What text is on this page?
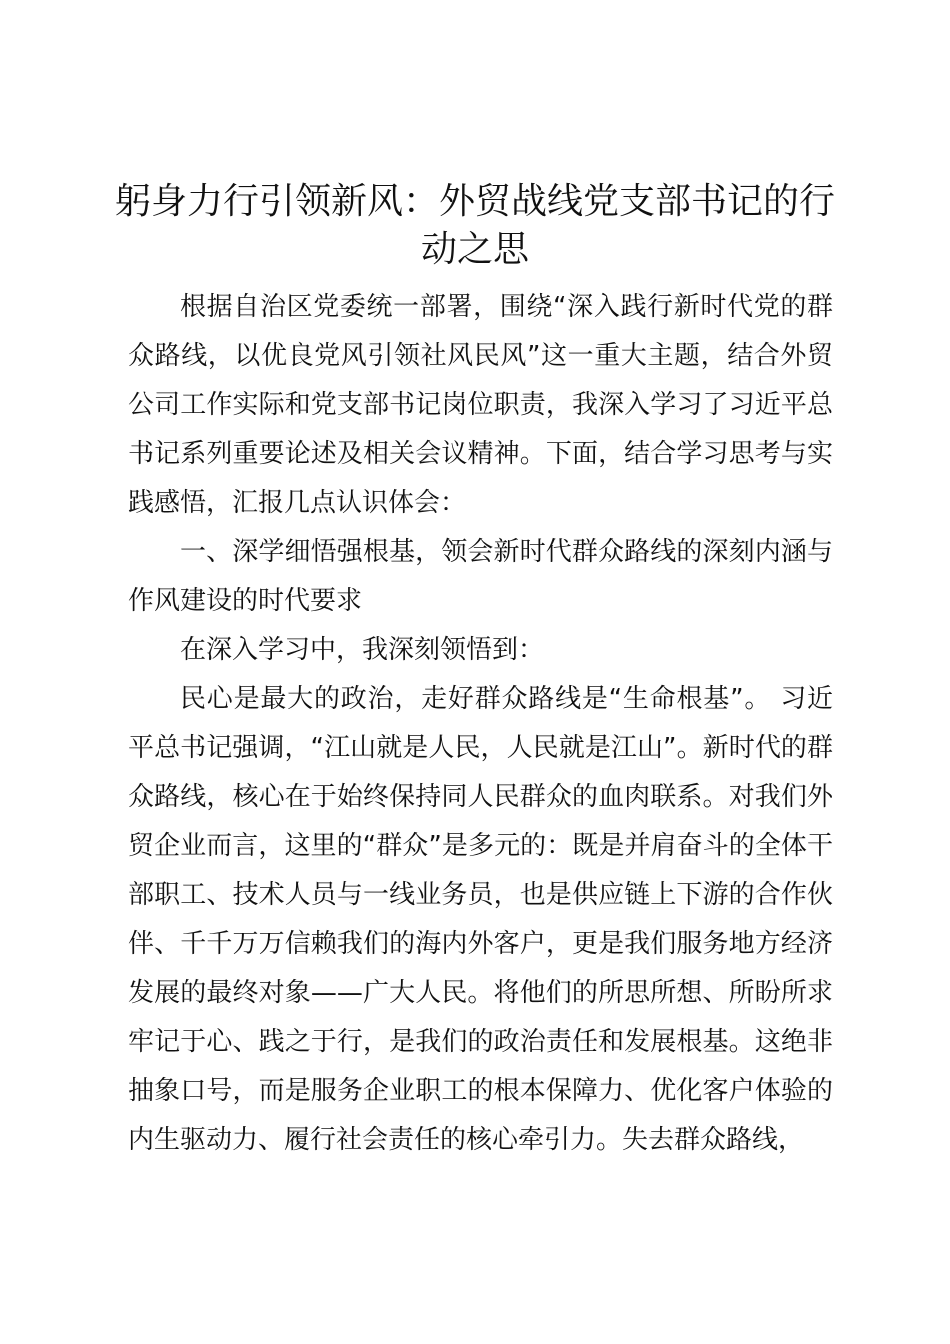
躬身力行引领新风：外贸战线党支部书记的行动之思

根据自治区党委统一部署，围绕“深入践行新时代党的群众路线，以优良党风引领社风民风”这一重大主题，结合外贸公司工作实际和党支部书记岗位职责，我深入学习了习近平总书记系列重要论述及相关会议精神。下面，结合学习思考与实践感悟，汇报几点认识体会：

一、深学细悟强根基，领会新时代群众路线的深刻内涵与作风建设的时代要求

在深入学习中，我深刻领悟到：

民心是最大的政治，走好群众路线是“生命根基”。 习近平总书记强调，“江山就是人民，人民就是江山”。新时代的群众路线，核心在于始终保持同人民群众的血肉联系。对我们外贸企业而言，这里的“群众”是多元的：既是并肩奋斗的全体干部职工、技术人员与一线业务员，也是供应链上下游的合作伙伴、千千万万信赖我们的海内外客户，更是我们服务地方经济发展的最终对象——广大人民。将他们的所思所想、所盼所求牢记于心、践之于行，是我们的政治责任和发展根基。这绝非抽象口号，而是服务企业职工的根本保障力、优化客户体验的内生驱动力、履行社会责任的核心牵引力。失去群众路线，
